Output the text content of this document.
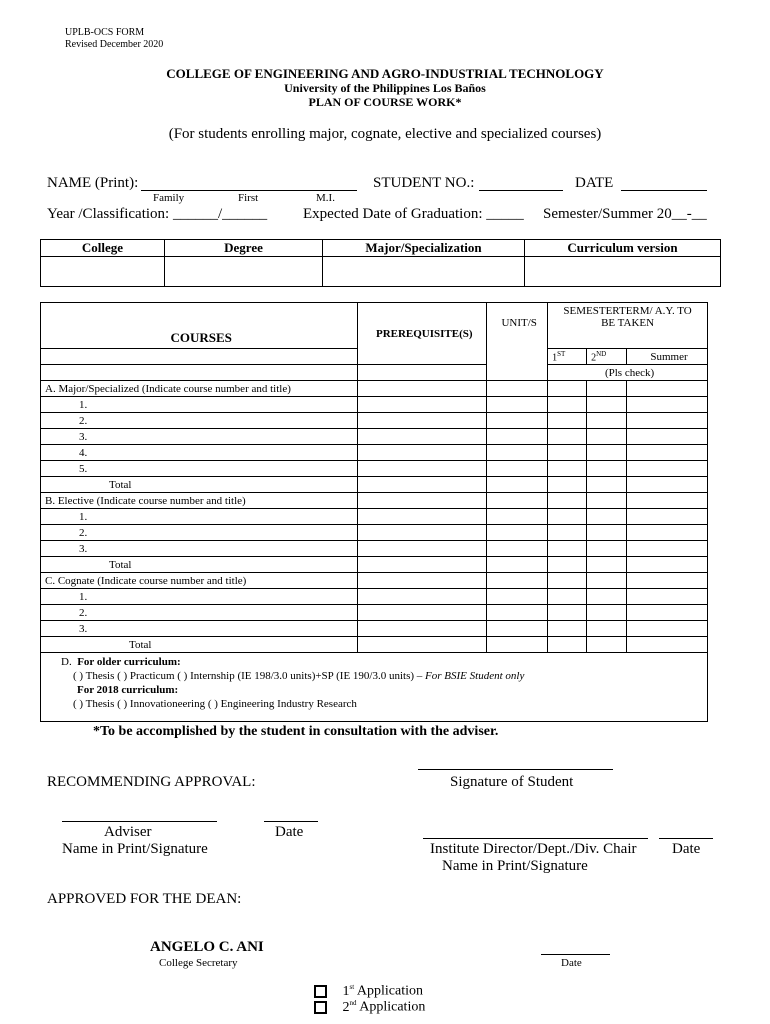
UPLB-OCS FORM
Revised December 2020
COLLEGE OF ENGINEERING AND AGRO-INDUSTRIAL TECHNOLOGY
University of the Philippines Los Baños
PLAN OF COURSE WORK*
(For students enrolling major, cognate, elective and specialized courses)
NAME (Print):	STUDENT NO.:	DATE
Family	First	M.I.
Year /Classification: ______/______ Expected Date of Graduation: _____ Semester/Summer 20__-__
College	Degree	Major/Specialization	Curriculum version

COURSES	PREREQUISITE(S)	UNIT/S	SEMESTERTERM/ A.Y. TO BE TAKEN		
			1ST	2ND	Summer
			(Pls check)		
A. Major/Specialized (Indicate course number and title)					
1.					
2.					
3.					
4.					
5.					
Total					
B. Elective (Indicate course number and title)					
1.					
2.					
3.					
Total					
C. Cognate (Indicate course number and title)					
1.					
2.					
3.					
Total					

D. For older curriculum:
( ) Thesis ( ) Practicum ( ) Internship (IE 198/3.0 units)+SP (IE 190/3.0 units) – For BSIE Student only
For 2018 curriculum:
( ) Thesis ( ) Innovationeering ( ) Engineering Industry Research					
*To be accomplished by the student in consultation with the adviser.
RECOMMENDING APPROVAL:	Signature of Student
Adviser	Date
Name in Print/Signature	Institute Director/Dept./Div. Chair Date
Name in Print/Signature
APPROVED FOR THE DEAN:
ANGELO C. ANI
College Secretary	Date
1st Application
2nd Application
